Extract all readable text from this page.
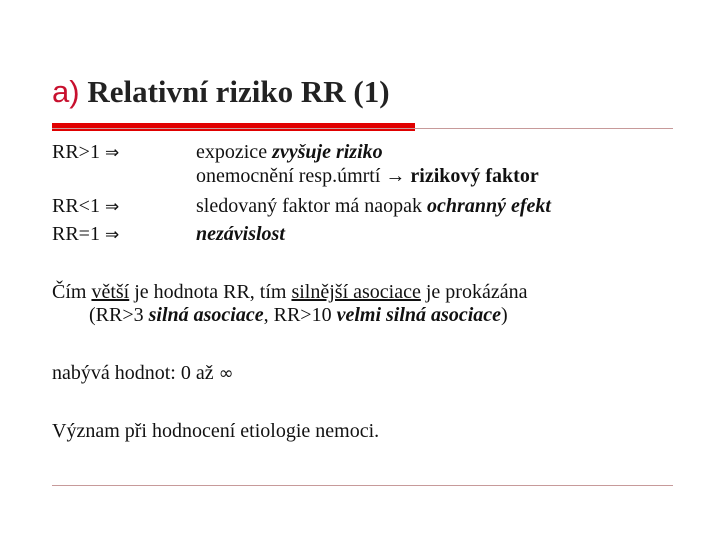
a) Relativní riziko RR (1)
RR>1 ⇒
RR<1 ⇒
RR=1 ⇒
expozice zvyšuje riziko
onemocnění resp.úmrtí → rizikový faktor
sledovaný faktor má naopak ochranný efekt
nezávislost
Čím větší je hodnota RR, tím silnější asociace je prokázána
(RR>3 silná asociace, RR>10 velmi silná asociace)
nabývá hodnot: 0 až ∞
Význam při hodnocení etiologie nemoci.
